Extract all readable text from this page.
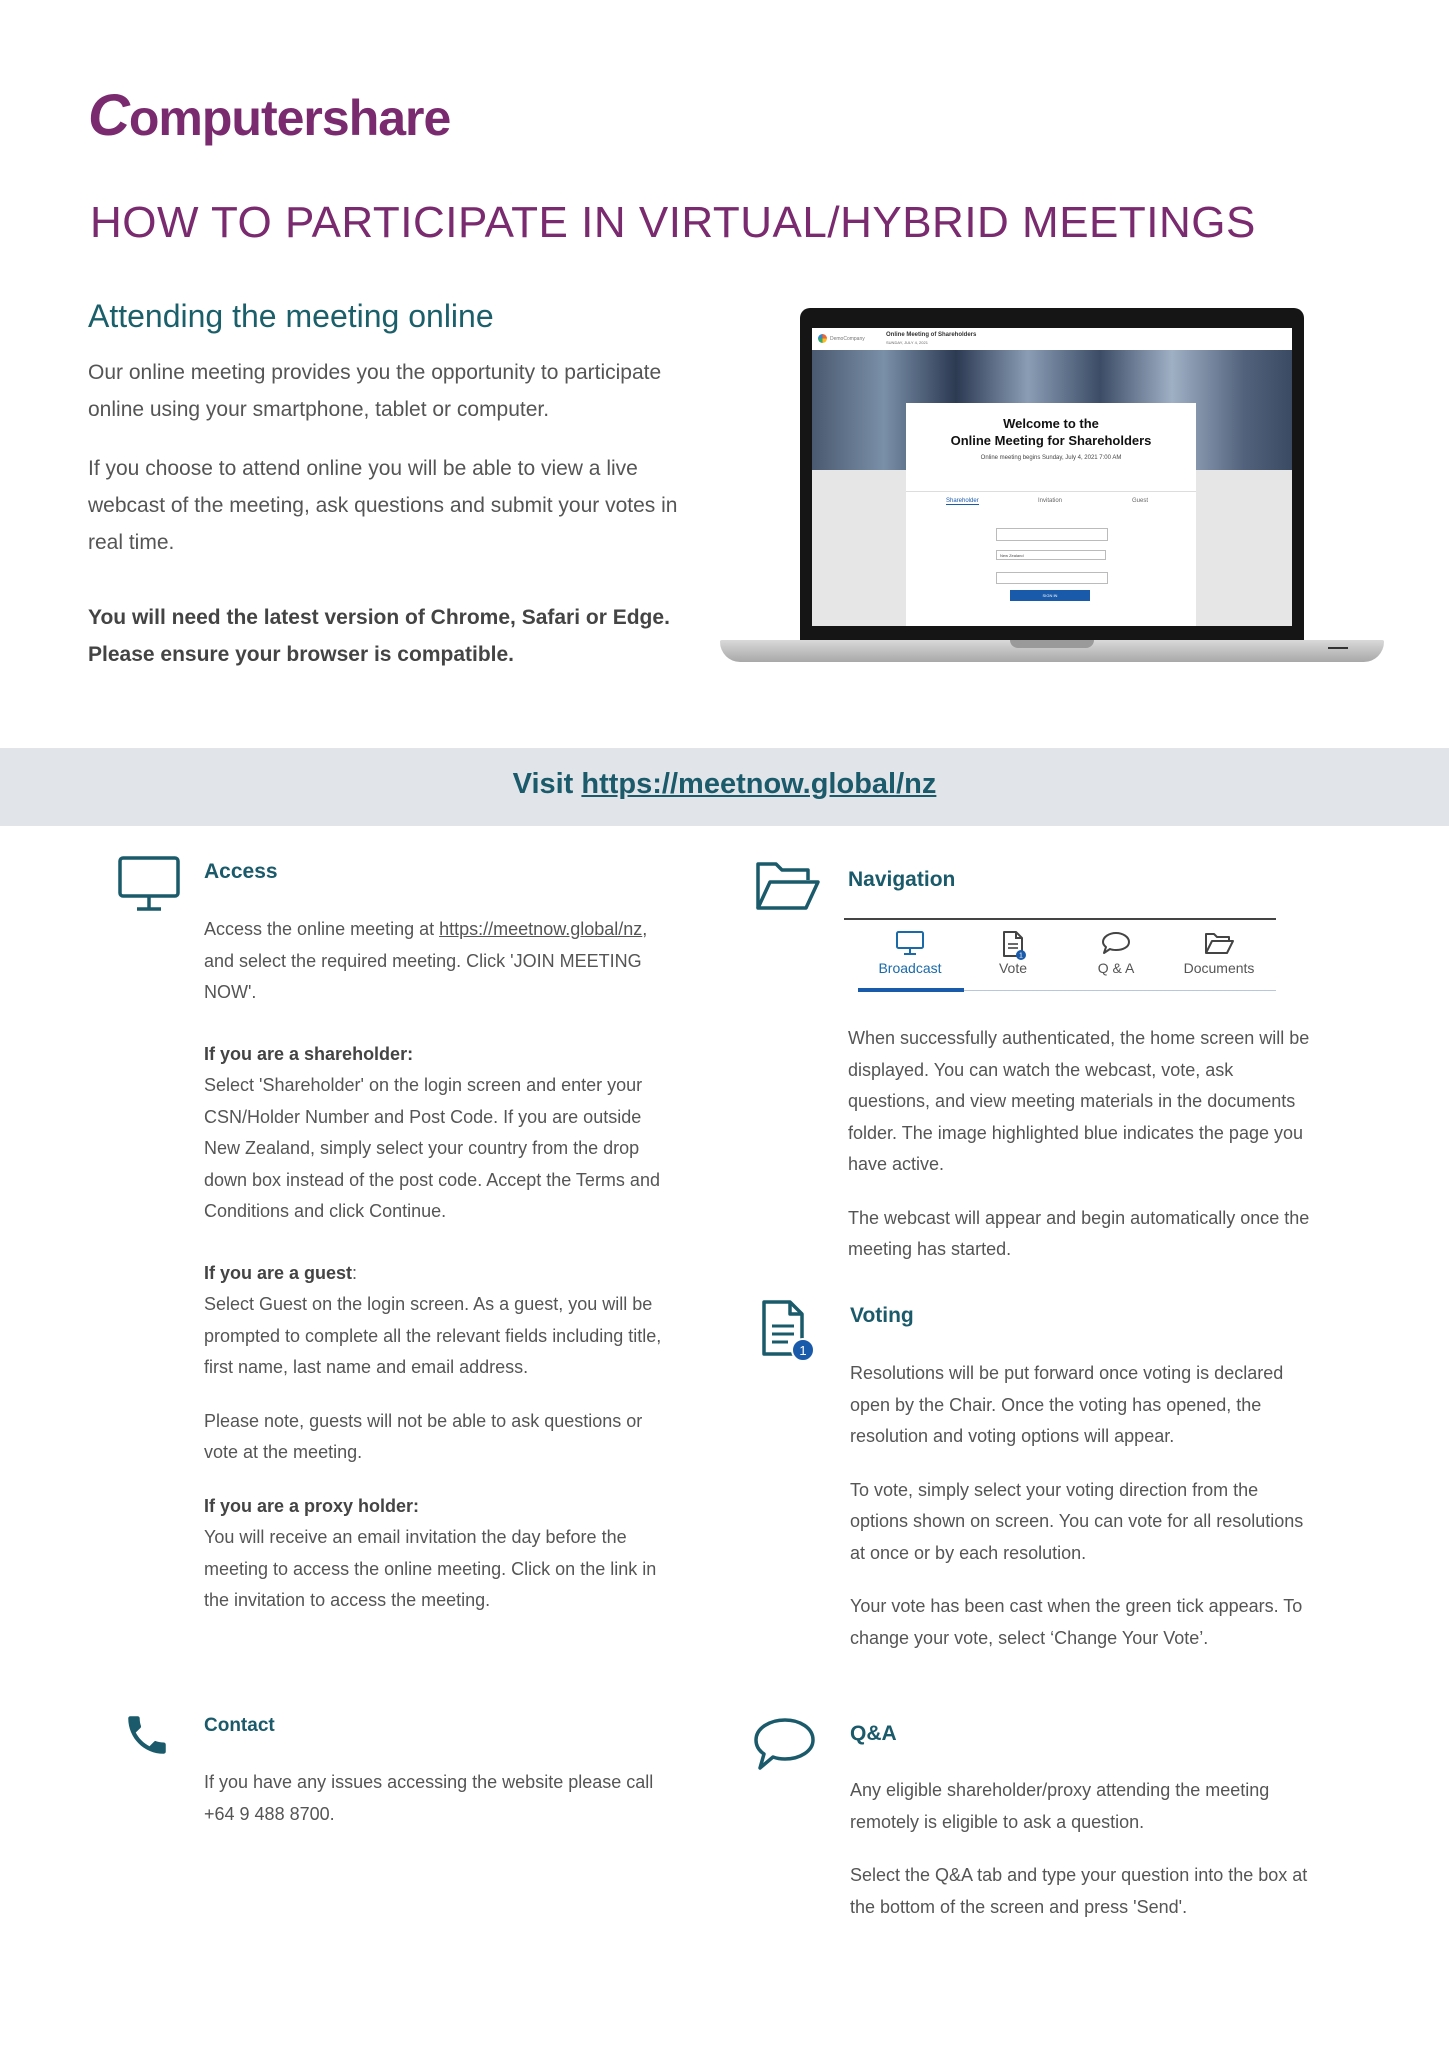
Computershare
HOW TO PARTICIPATE IN VIRTUAL/HYBRID MEETINGS
Attending the meeting online

Our online meeting provides you the opportunity to participate online using your smartphone, tablet or computer.

If you choose to attend online you will be able to view a live webcast of the meeting, ask questions and submit your votes in real time.

You will need the latest version of Chrome, Safari or Edge. Please ensure your browser is compatible.

DemoCompany
Online Meeting of Shareholders
SUNDAY, JULY 4, 2021
Welcome to the
Online Meeting for Shareholders
Online meeting begins Sunday, July 4, 2021 7:00 AM
Shareholder	Invitation	Guest
New Zealand
SIGN IN
Visit https://meetnow.global/nz
Access

Access the online meeting at https://meetnow.global/nz, and select the required meeting. Click 'JOIN MEETING NOW'.

If you are a shareholder:
Select 'Shareholder' on the login screen and enter your CSN/Holder Number and Post Code. If you are outside New Zealand, simply select your country from the drop down box instead of the post code. Accept the Terms and Conditions and click Continue.

If you are a guest:
Select Guest on the login screen. As a guest, you will be prompted to complete all the relevant fields including title, first name, last name and email address.

Please note, guests will not be able to ask questions or vote at the meeting.

If you are a proxy holder:
You will receive an email invitation the day before the meeting to access the online meeting. Click on the link in the invitation to access the meeting.

Contact

If you have any issues accessing the website please call +64 9 488 8700.

Navigation
Broadcast
1
Vote	Q & A	Documents

When successfully authenticated, the home screen will be displayed. You can watch the webcast, vote, ask questions, and view meeting materials in the documents folder. The image highlighted blue indicates the page you have active.

The webcast will appear and begin automatically once the meeting has started.

1
Voting

Resolutions will be put forward once voting is declared open by the Chair. Once the voting has opened, the resolution and voting options will appear.

To vote, simply select your voting direction from the options shown on screen. You can vote for all resolutions at once or by each resolution.

Your vote has been cast when the green tick appears. To change your vote, select ‘Change Your Vote’.

Q&A

Any eligible shareholder/proxy attending the meeting remotely is eligible to ask a question.

Select the Q&A tab and type your question into the box at the bottom of the screen and press 'Send'.
